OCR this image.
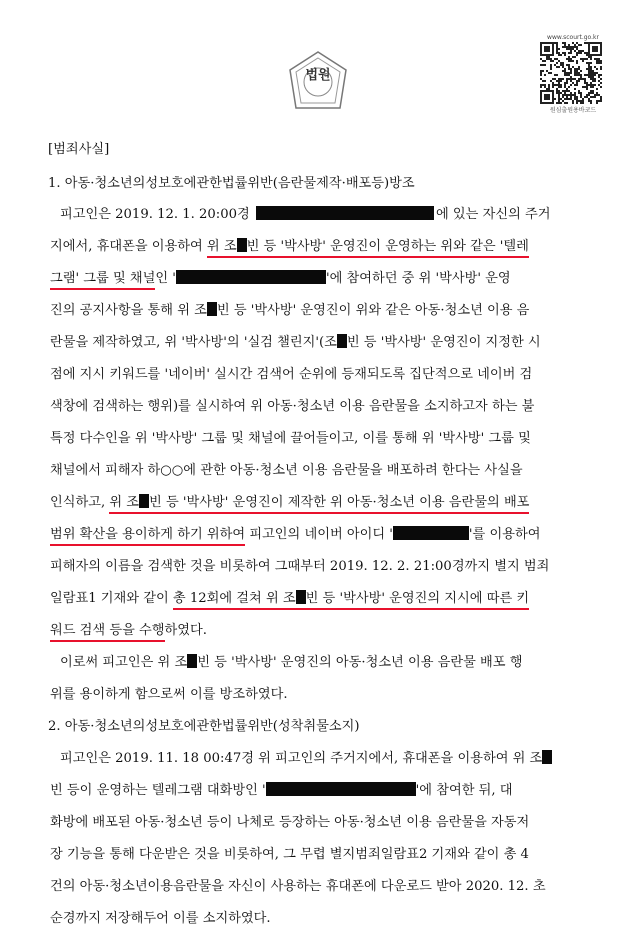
법원
www.scourt.go.kr
원심출원용바코드
[범죄사실]
1. 아동·청소년의성보호에관한법률위반(음란물제작·배포등)방조
피고인은 2019. 12. 1. 20:00경	에 있는 자신의 주거
지에서, 휴대폰을 이용하여 위 조 빈 등 '박사방' 운영진이 운영하는 위와 같은 '텔레
그램' 그룹 및 채널인 '	'에 참여하던 중 위 '박사방' 운영
진의 공지사항을 통해 위 조 빈 등 '박사방' 운영진이 위와 같은 아동·청소년 이용 음
란물을 제작하였고, 위 '박사방'의 '실검 챌린지'(조 빈 등 '박사방' 운영진이 지정한 시
점에 지시 키워드를 '네이버' 실시간 검색어 순위에 등재되도록 집단적으로 네이버 검
색창에 검색하는 행위)를 실시하여 위 아동·청소년 이용 음란물을 소지하고자 하는 불
특정 다수인을 위 '박사방' 그룹 및 채널에 끌어들이고, 이를 통해 위 '박사방' 그룹 및
채널에서 피해자 하○○에 관한 아동·청소년 이용 음란물을 배포하려 한다는 사실을
인식하고, 위 조 빈 등 '박사방' 운영진이 제작한 위 아동·청소년 이용 음란물의 배포
범위 확산을 용이하게 하기 위하여 피고인의 네이버 아이디 '	'를 이용하여
피해자의 이름을 검색한 것을 비롯하여 그때부터 2019. 12. 2. 21:00경까지 별지 범죄
일람표1 기재와 같이 총 12회에 걸쳐 위 조 빈 등 '박사방' 운영진의 지시에 따른 키
워드 검색 등을 수행하였다.
이로써 피고인은 위 조 빈 등 '박사방' 운영진의 아동·청소년 이용 음란물 배포 행
위를 용이하게 함으로써 이를 방조하였다.
2. 아동·청소년의성보호에관한법률위반(성착취물소지)
피고인은 2019. 11. 18 00:47경 위 피고인의 주거지에서, 휴대폰을 이용하여 위 조
빈 등이 운영하는 텔레그램 대화방인 '	'에 참여한 뒤, 대
화방에 배포된 아동·청소년 등이 나체로 등장하는 아동·청소년 이용 음란물을 자동저
장 기능을 통해 다운받은 것을 비롯하여, 그 무렵 별지범죄일람표2 기재와 같이 총 4
건의 아동·청소년이용음란물을 자신이 사용하는 휴대폰에 다운로드 받아 2020. 12. 초
순경까지 저장해두어 이를 소지하였다.
